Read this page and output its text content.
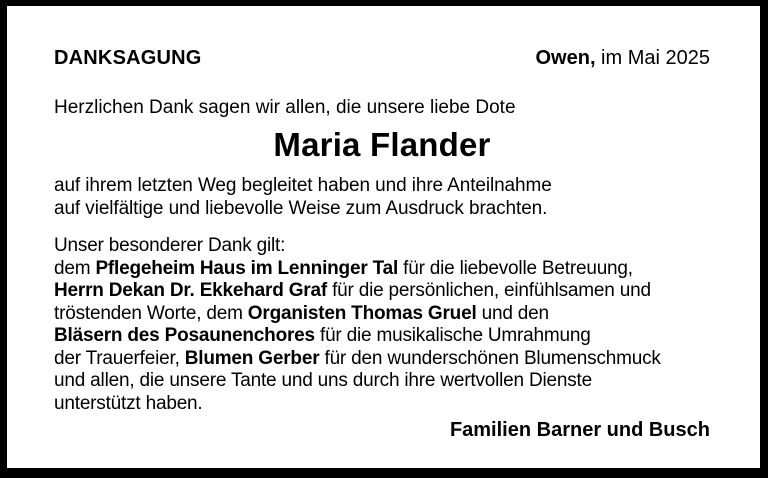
DANKSAGUNG	Owen, im Mai 2025

Herzlichen Dank sagen wir allen, die unsere liebe Dote

Maria Flander
auf ihrem letzten Weg begleitet haben und ihre Anteilnahme
auf vielfältige und liebevolle Weise zum Ausdruck brachten.
Unser besonderer Dank gilt:
dem Pflegeheim Haus im Lenninger Tal für die liebevolle Betreuung,
Herrn Dekan Dr. Ekkehard Graf für die persönlichen, einfühlsamen und
tröstenden Worte, dem Organisten Thomas Gruel und den
Bläsern des Posaunenchores für die musikalische Umrahmung
der Trauerfeier, Blumen Gerber für den wunderschönen Blumenschmuck
und allen, die unsere Tante und uns durch ihre wertvollen Dienste
unterstützt haben.
Familien Barner und Busch
